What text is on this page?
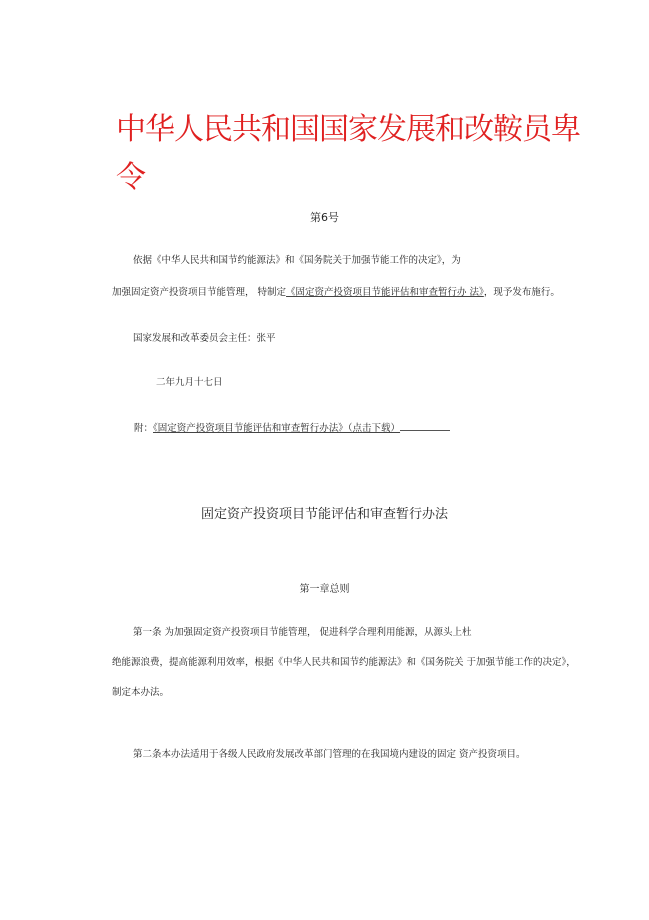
中华人民共和国国家发展和改鞍员卑
令
第6号
依据《中华人民共和国节约能源法》和《国务院关于加强节能工作的决定》，为
加强固定资产投资项目节能管理， 特制定《固定资产投资项目节能评估和审查暂行办 法》，现予发布施行。
国家发展和改革委员会主任：张平
二年九月十七日
附：《固定资产投资项目节能评估和审查暂行办法》（点击下载）
固定资产投资项目节能评估和审查暂行办法
第一章总则
第一条 为加强固定资产投资项目节能管理， 促进科学合理利用能源，从源头上杜
绝能源浪费，提高能源利用效率，根据《中华人民共和国节约能源法》和《国务院关 于加强节能工作的决定》，
制定本办法。
第二条本办法适用于各级人民政府发展改革部门管理的在我国境内建设的固定 资产投资项目。
